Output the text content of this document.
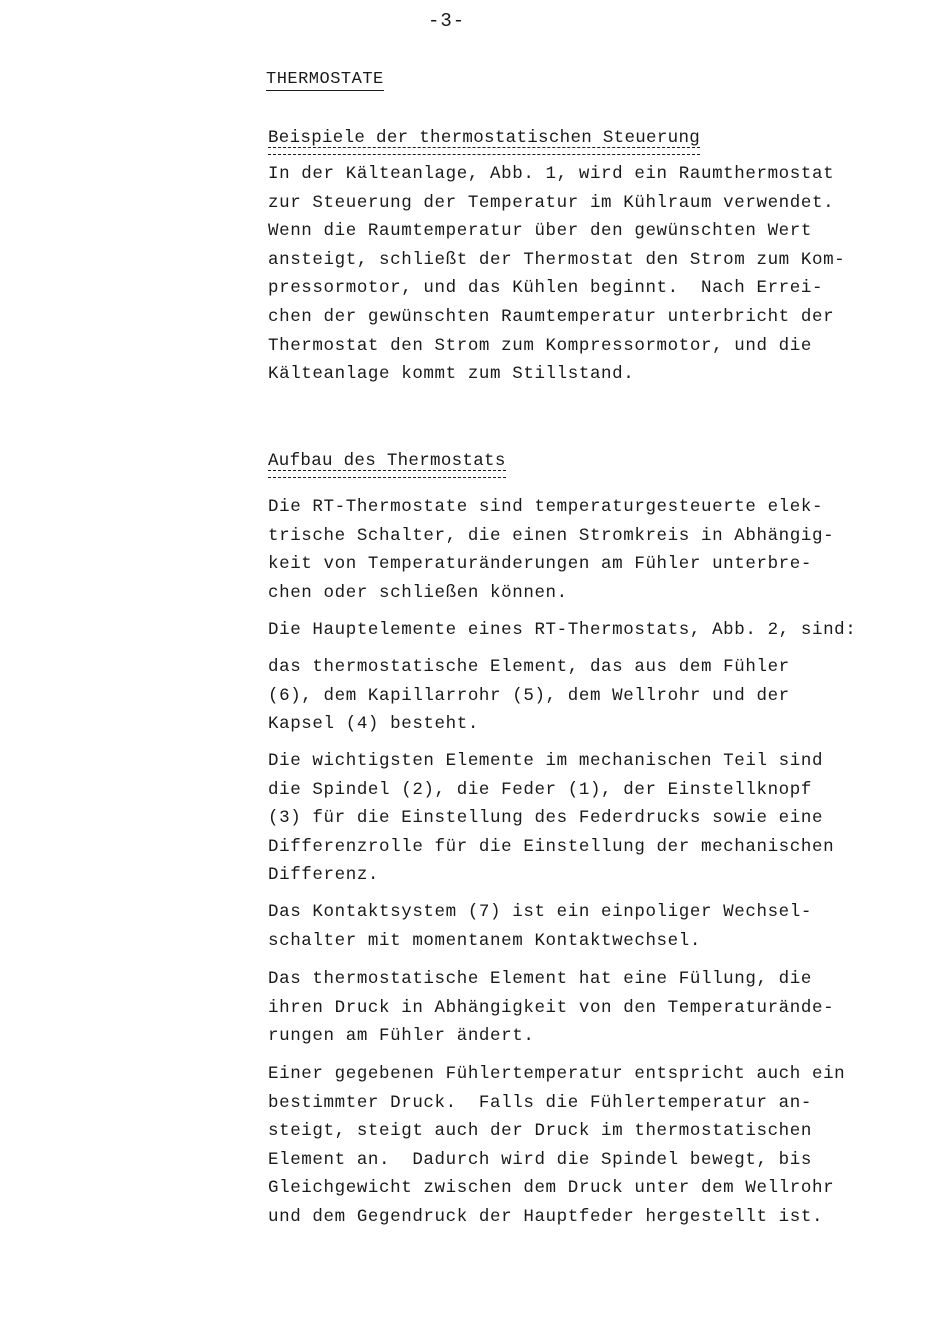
-3-
THERMOSTATE
Beispiele der thermostatischen Steuerung

In der Kälteanlage, Abb. 1, wird ein Raumthermostat
zur Steuerung der Temperatur im Kühlraum verwendet.
Wenn die Raumtemperatur über den gewünschten Wert
ansteigt, schließt der Thermostat den Strom zum Kom-
pressormotor, und das Kühlen beginnt.  Nach Errei-
chen der gewünschten Raumtemperatur unterbricht der
Thermostat den Strom zum Kompressormotor, und die
Kälteanlage kommt zum Stillstand.

Aufbau des Thermostats

Die RT-Thermostate sind temperaturgesteuerte elek-
trische Schalter, die einen Stromkreis in Abhängig-
keit von Temperaturänderungen am Fühler unterbre-
chen oder schließen können.

Die Hauptelemente eines RT-Thermostats, Abb. 2, sind:

das thermostatische Element, das aus dem Fühler
(6), dem Kapillarrohr (5), dem Wellrohr und der
Kapsel (4) besteht.

Die wichtigsten Elemente im mechanischen Teil sind
die Spindel (2), die Feder (1), der Einstellknopf
(3) für die Einstellung des Federdrucks sowie eine
Differenzrolle für die Einstellung der mechanischen
Differenz.

Das Kontaktsystem (7) ist ein einpoliger Wechsel-
schalter mit momentanem Kontaktwechsel.

Das thermostatische Element hat eine Füllung, die
ihren Druck in Abhängigkeit von den Temperaturände-
rungen am Fühler ändert.

Einer gegebenen Fühlertemperatur entspricht auch ein
bestimmter Druck.  Falls die Fühlertemperatur an-
steigt, steigt auch der Druck im thermostatischen
Element an.  Dadurch wird die Spindel bewegt, bis
Gleichgewicht zwischen dem Druck unter dem Wellrohr
und dem Gegendruck der Hauptfeder hergestellt ist.
